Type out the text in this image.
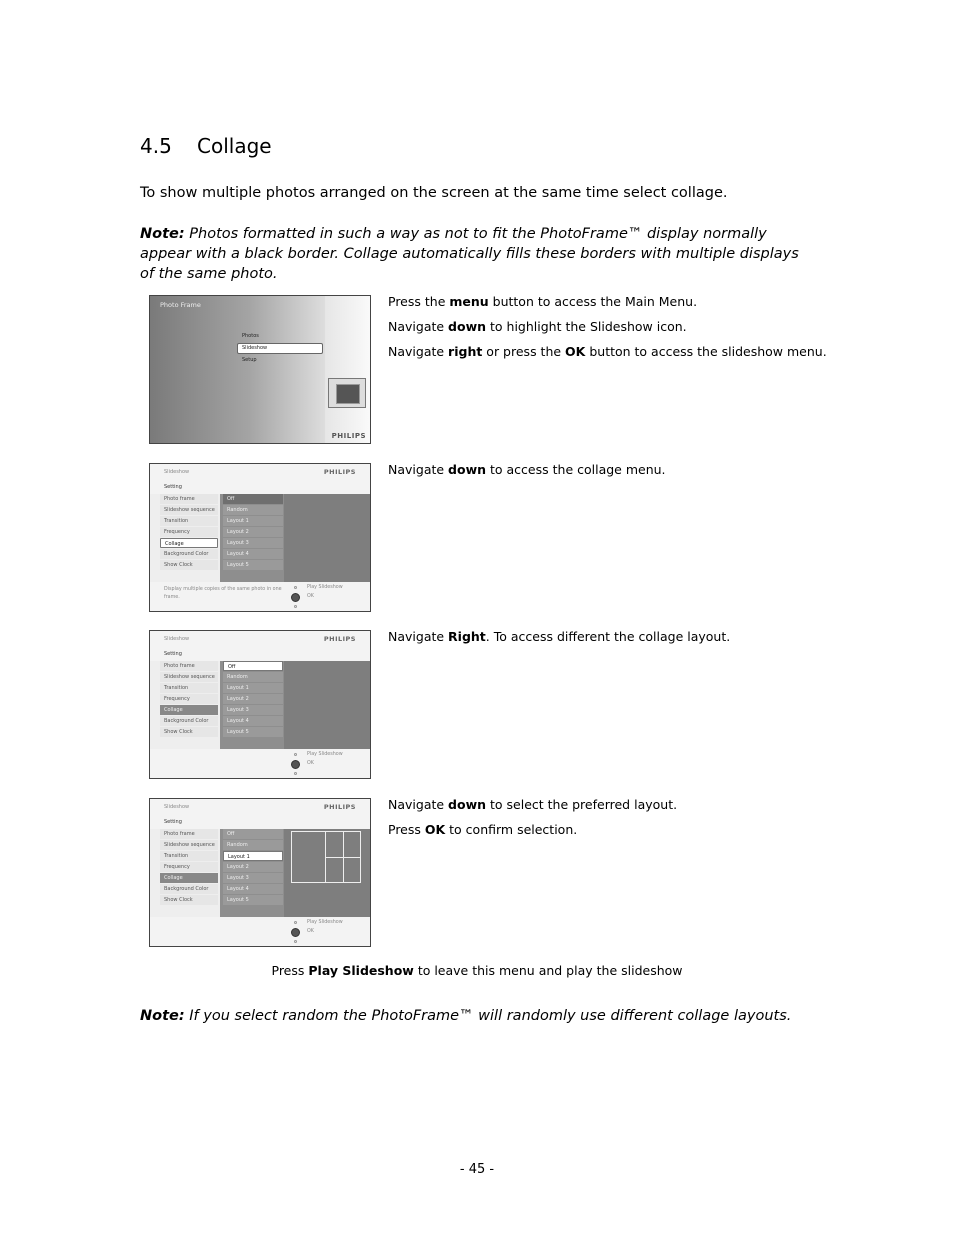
4.5 Collage
To show multiple photos arranged on the screen at the same time select collage.
Note: Photos formatted in such a way as not to fit the PhotoFrame™ display normally appear with a black border. Collage automatically fills these borders with multiple displays of the same photo.
Photo Frame
Photos
Slideshow
Setup
PHILIPS

Press the menu button to access the Main Menu.

Navigate down to highlight the Slideshow icon.

Navigate right or press the OK button to access the slideshow menu.

Slideshow	PHILIPS
Setting
Photo frame
Slideshow sequence
Transition
Frequency
Collage
Background Color
Show Clock
Off
Random
Layout 1
Layout 2
Layout 3
Layout 4
Layout 5
Display multiple copies of the same photo in one frame.
Play Slideshow
OK

Navigate down to access the collage menu.

Slideshow	PHILIPS
Setting
Photo frame
Slideshow sequence
Transition
Frequency
Collage
Background Color
Show Clock
Off
Random
Layout 1
Layout 2
Layout 3
Layout 4
Layout 5
Play Slideshow
OK

Navigate Right. To access different the collage layout.

Slideshow	PHILIPS
Setting
Photo frame
Slideshow sequence
Transition
Frequency
Collage
Background Color
Show Clock
Off
Random
Layout 1
Layout 2
Layout 3
Layout 4
Layout 5
Play Slideshow
OK

Navigate down to select the preferred layout.

Press OK to confirm selection.

Press Play Slideshow to leave this menu and play the slideshow
Note: If you select random the PhotoFrame™ will randomly use different collage layouts.
- 45 -
